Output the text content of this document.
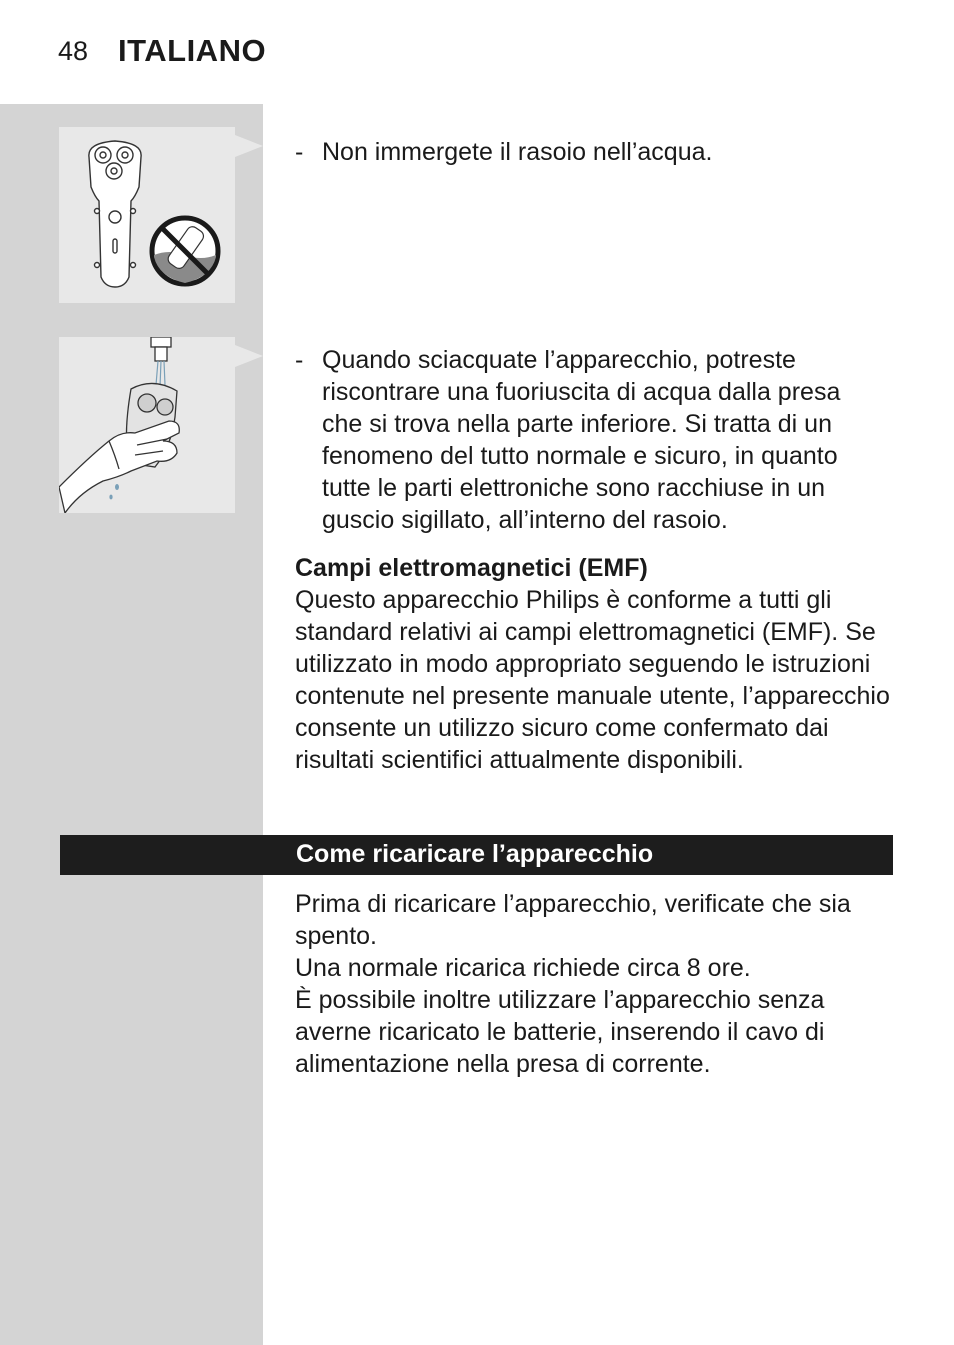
48 ITALIANO
- Non immergete il rasoio nell’acqua.
- Quando sciacquate l’apparecchio, potreste riscontrare una fuoriuscita di acqua dalla presa che si trova nella parte inferiore. Si tratta di un fenomeno del tutto normale e sicuro, in quanto tutte le parti elettroniche sono racchiuse in un guscio sigillato, all’interno del rasoio.
Campi elettromagnetici (EMF)
Questo apparecchio Philips è conforme a tutti gli standard relativi ai campi elettromagnetici (EMF). Se utilizzato in modo appropriato seguendo le istruzioni contenute nel presente manuale utente, l’apparecchio consente un utilizzo sicuro come confermato dai risultati scientifici attualmente disponibili.
Come ricaricare l’apparecchio
Prima di ricaricare l’apparecchio, verificate che sia spento.
Una normale ricarica richiede circa 8 ore.
È possibile inoltre utilizzare l’apparecchio senza averne ricaricato le batterie, inserendo il cavo di alimentazione nella presa di corrente.
